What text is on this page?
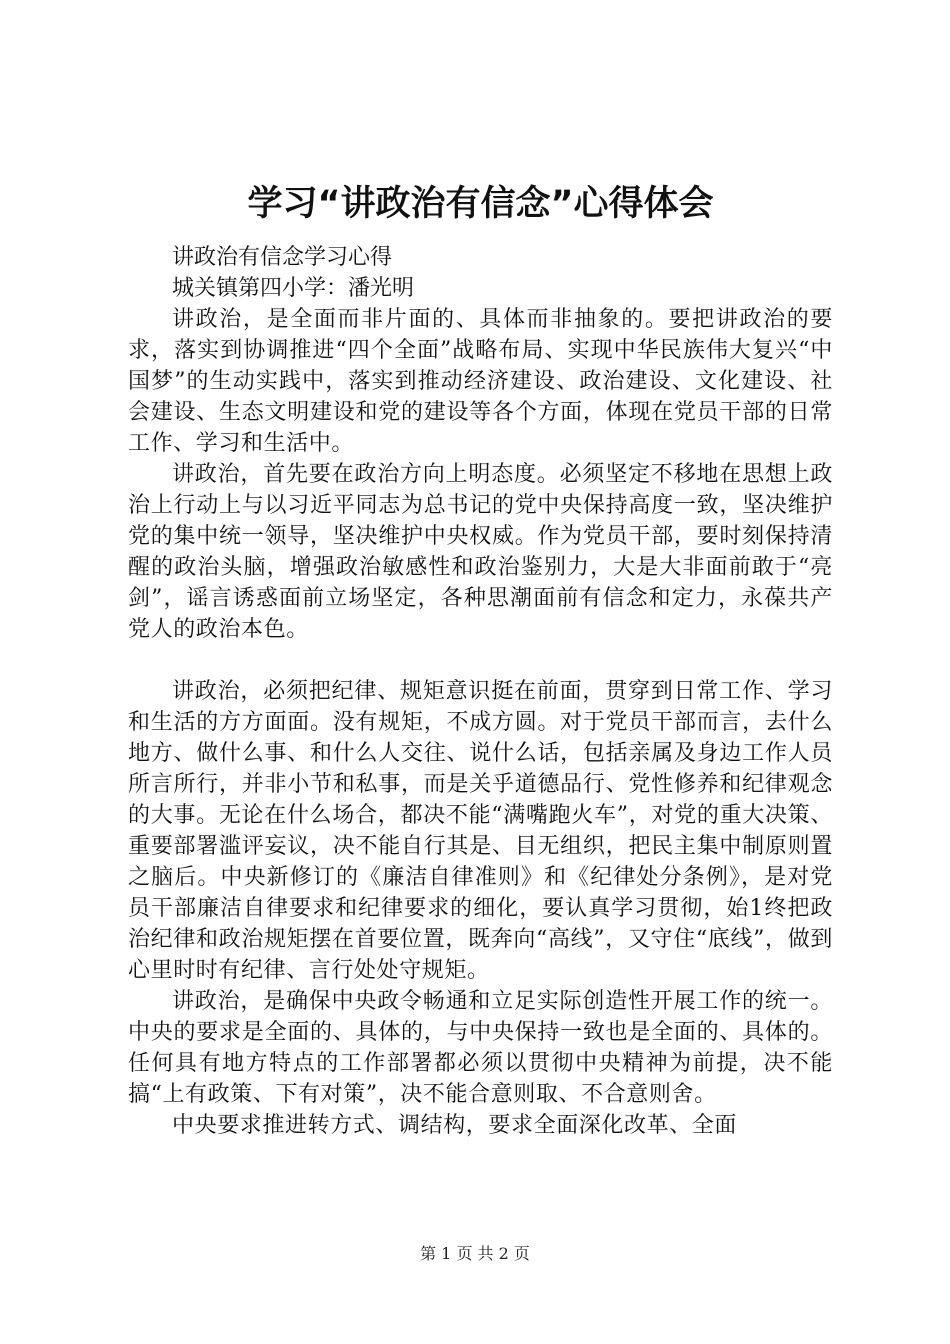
学习“讲政治有信念”心得体会

讲政治有信念学习心得

城关镇第四小学：潘光明

讲政治，是全面而非片面的、具体而非抽象的。要把讲政治的要求，落实到协调推进“四个全面”战略布局、实现中华民族伟大复兴“中国梦”的生动实践中，落实到推动经济建设、政治建设、文化建设、社会建设、生态文明建设和党的建设等各个方面，体现在党员干部的日常工作、学习和生活中。

讲政治，首先要在政治方向上明态度。必须坚定不移地在思想上政治上行动上与以习近平同志为总书记的党中央保持高度一致，坚决维护党的集中统一领导，坚决维护中央权威。作为党员干部，要时刻保持清醒的政治头脑，增强政治敏感性和政治鉴别力，大是大非面前敢于“亮剑”，谣言诱惑面前立场坚定，各种思潮面前有信念和定力，永葆共产党人的政治本色。

讲政治，必须把纪律、规矩意识挺在前面，贯穿到日常工作、学习和生活的方方面面。没有规矩，不成方圆。对于党员干部而言，去什么地方、做什么事、和什么人交往、说什么话，包括亲属及身边工作人员所言所行，并非小节和私事，而是关乎道德品行、党性修养和纪律观念的大事。无论在什么场合，都决不能“满嘴跑火车”，对党的重大决策、重要部署滥评妄议，决不能自行其是、目无组织，把民主集中制原则置之脑后。中央新修订的《廉洁自律准则》和《纪律处分条例》，是对党员干部廉洁自律要求和纪律要求的细化，要认真学习贯彻，始1终把政治纪律和政治规矩摆在首要位置，既奔向“高线”，又守住“底线”，做到心里时时有纪律、言行处处守规矩。

讲政治，是确保中央政令畅通和立足实际创造性开展工作的统一。中央的要求是全面的、具体的，与中央保持一致也是全面的、具体的。任何具有地方特点的工作部署都必须以贯彻中央精神为前提，决不能搞“上有政策、下有对策”，决不能合意则取、不合意则舍。

中央要求推进转方式、调结构，要求全面深化改革、全面

第 1 页 共 2 页
